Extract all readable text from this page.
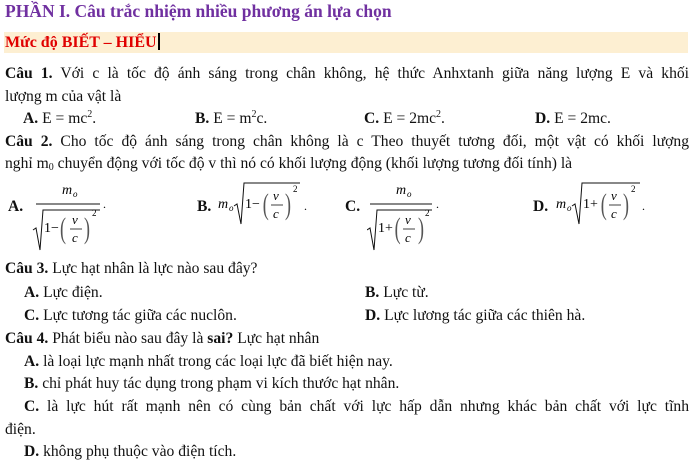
PHẦN I. Câu trắc nhiệm nhiều phương án lựa chọn
Mức độ BIẾT – HIỂU
Câu 1. Với c là tốc độ ánh sáng trong chân không, hệ thức Anhxtanh giữa năng lượng E và khối
lượng m của vật là
A. $E = mc^2$.	B. $E = m^2c$.	C. $E = 2mc^2$.	D. E = 2mc.
Câu 2. Cho tốc độ ánh sáng trong chân không là c Theo thuyết tương đối, một vật có khối lượng
nghỉ $m_0$ chuyển động với tốc độ v thì nó có khối lượng động (khối lượng tương đối tính) là
A.
m o
1− ( v
c ) 2
.	B. m o 1− ( v
c ) 2
. C.
m o
1+ ( v
c ) 2
.	D. m o 1+ ( v
c ) 2
.
Câu 3. Lực hạt nhân là lực nào sau đây?
A. Lực điện.	B. Lực từ.
C. Lực tương tác giữa các nuclôn.	D. Lực lương tác giữa các thiên hà.
Câu 4. Phát biểu nào sau đây là sai? Lực hạt nhân
A. là loại lực mạnh nhất trong các loại lực đã biết hiện nay.
B. chỉ phát huy tác dụng trong phạm vi kích thước hạt nhân.
C. là lực hút rất mạnh nên có cùng bản chất với lực hấp dẫn nhưng khác bản chất với lực tĩnh
điện.
D. không phụ thuộc vào điện tích.
